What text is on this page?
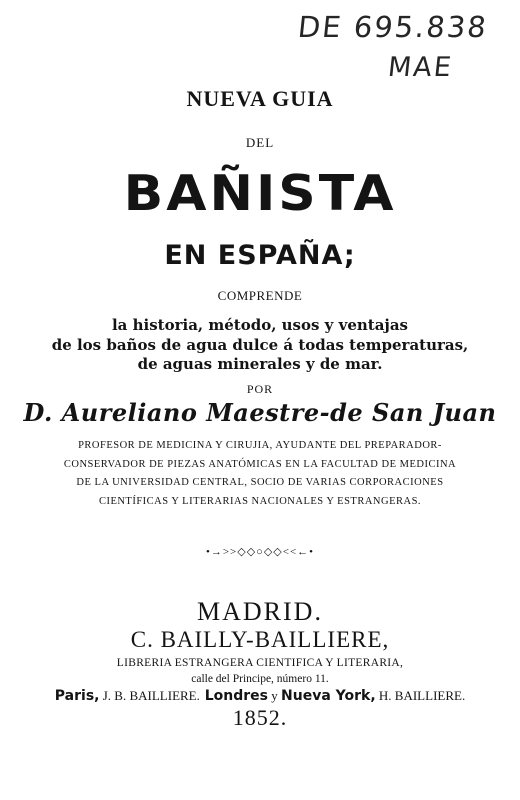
DE 695.838
MAE
NUEVA GUIA
DEL
BAÑISTA
EN ESPAÑA;
COMPRENDE
la historia, método, usos y ventajas
de los baños de agua dulce á todas temperaturas,
de aguas minerales y de mar.
POR
D. Aureliano Maestre-de San Juan
PROFESOR DE MEDICINA Y CIRUJIA, AYUDANTE DEL PREPARADOR-
CONSERVADOR DE PIEZAS ANATÓMICAS EN LA FACULTAD DE MEDICINA
DE LA UNIVERSIDAD CENTRAL, SOCIO DE VARIAS CORPORACIONES
CIENTÍFICAS Y LITERARIAS NACIONALES Y ESTRANGERAS.
•→>>◇◇○◇◇<<←•
MADRID.
C. BAILLY-BAILLIERE,
LIBRERIA ESTRANGERA CIENTIFICA Y LITERARIA,
calle del Principe, número 11.
Paris, J. B. BAILLIERE. Londres y Nueva York, H. BAILLIERE.
1852.
